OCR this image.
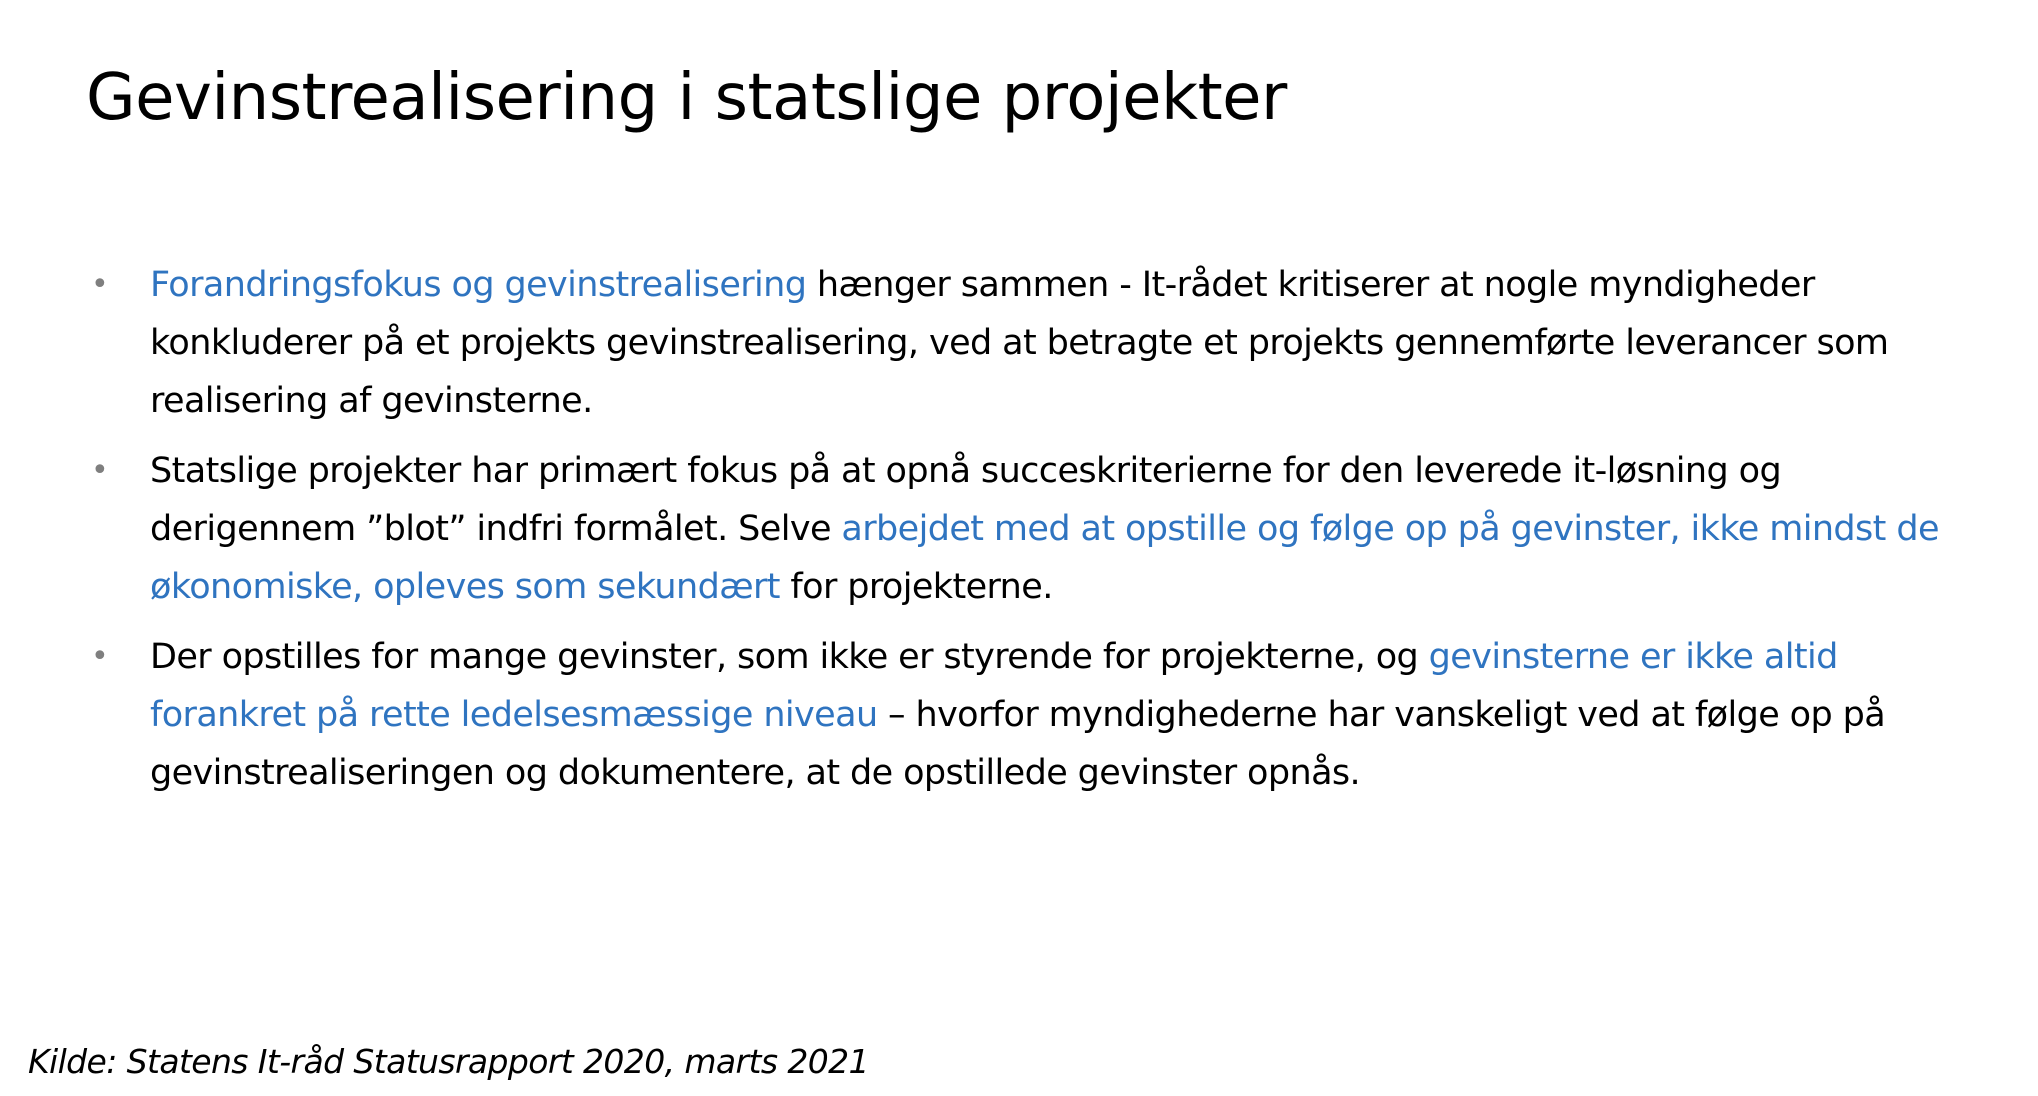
Gevinstrealisering i statslige projekter
• Forandringsfokus og gevinstrealisering hænger sammen - It-rådet kritiserer at nogle myndigheder konkluderer på et projekts gevinstrealisering, ved at betragte et projekts gennemførte leverancer som realisering af gevinsterne.
• Statslige projekter har primært fokus på at opnå succeskriterierne for den leverede it-løsning og derigennem ”blot” indfri formålet. Selve arbejdet med at opstille og følge op på gevinster, ikke mindst de økonomiske, opleves som sekundært for projekterne.
• Der opstilles for mange gevinster, som ikke er styrende for projekterne, og gevinsterne er ikke altid forankret på rette ledelsesmæssige niveau – hvorfor myndighederne har vanskeligt ved at følge op på gevinstrealiseringen og dokumentere, at de opstillede gevinster opnås.

Kilde: Statens It-råd Statusrapport 2020, marts 2021
